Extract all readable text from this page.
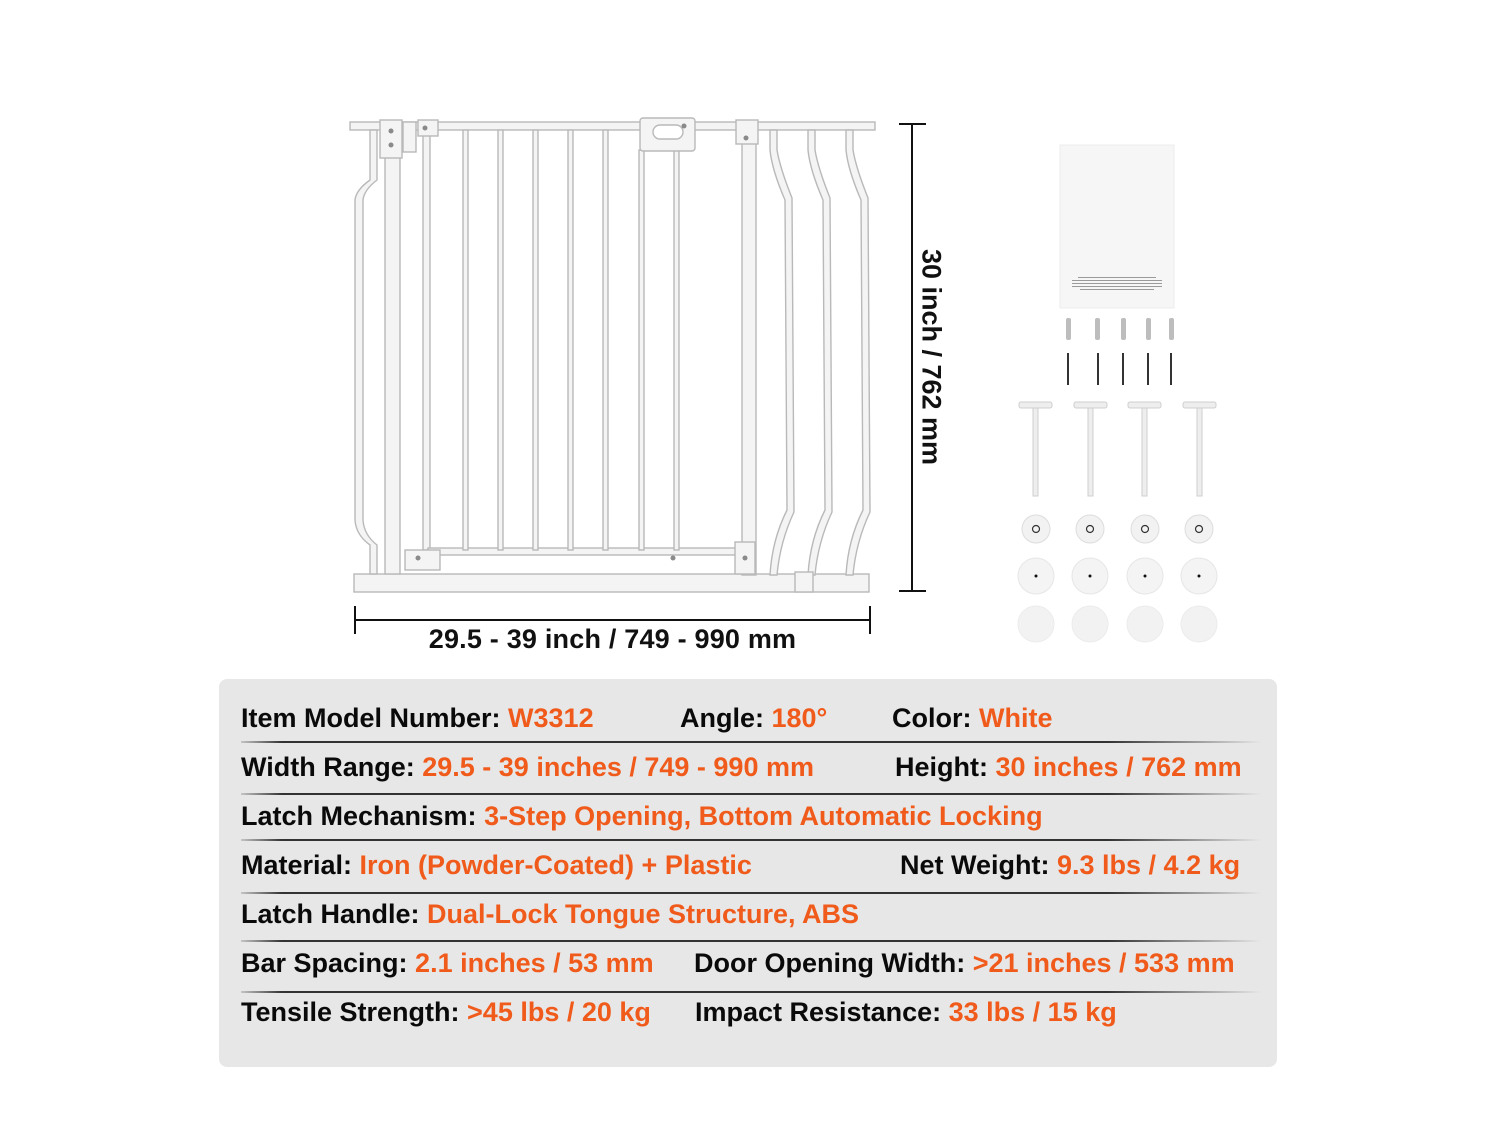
29.5 - 39 inch / 749 - 990 mm
30 inch / 762 mm
Item Model Number: W3312	Angle: 180° Color: White
Width Range: 29.5 - 39 inches / 749 - 990 mm	Height: 30 inches / 762 mm
Latch Mechanism: 3-Step Opening, Bottom Automatic Locking
Material: Iron (Powder-Coated) + Plastic	Net Weight: 9.3 lbs / 4.2 kg
Latch Handle: Dual-Lock Tongue Structure, ABS
Bar Spacing: 2.1 inches / 53 mm Door Opening Width: >21 inches / 533 mm
Tensile Strength: >45 lbs / 20 kg Impact Resistance: 33 lbs / 15 kg
